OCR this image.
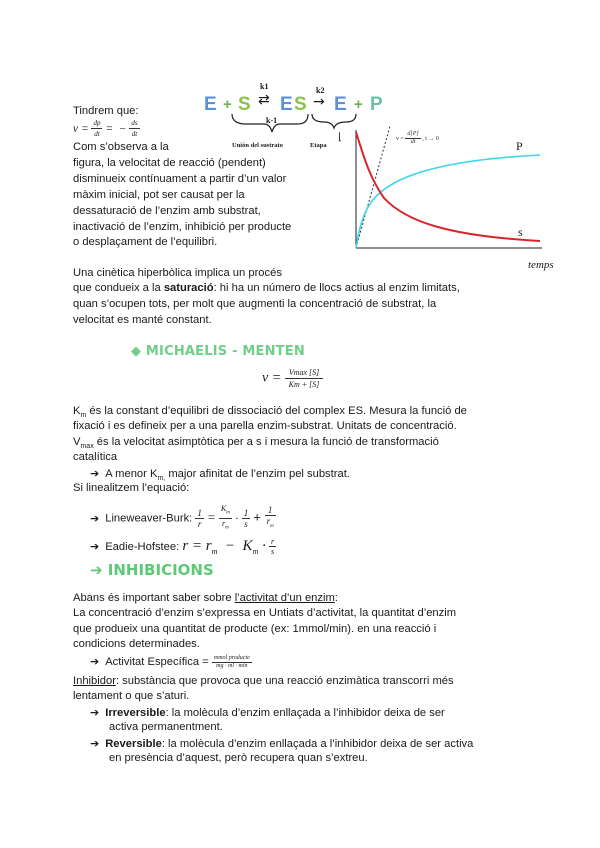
Tindrem que:
$v = \frac{dp}{dt}$ =  − $\frac{ds}{dt}$
Com s’observa a la
figura, la velocitat de reacció (pendent)
disminueix contínuament a partir d’un valor
màxim inicial, pot ser causat per la
dessaturació de l’enzim amb substrat,
inactivació de l’enzim, inhibició per producte
o desplaçament de l’equilibri.
E + S
k1
⇄ E S
k2
→ E + P
k-1
Unión del sustrato	Etapa
⌊	$v = \frac{d[P]}{dt}$ , t → 0
P
s
temps
Una cinètica hiperbòlica implica un procés
que condueix a la saturació: hi ha un número de llocs actius al enzim limitats,
quan s’ocupen tots, per molt que augmenti la concentració de substrat, la
velocitat es manté constant.
◆ MICHAELIS - MENTEN
$v = \frac{Vmax [S]}{Km + [S]}$
$K_m$ és la constant d’equilibri de dissociació del complex ES. Mesura la funció de
fixació i es defineix per a una parella enzim-substrat. Unitats de concentració.
$V_{max}$ és la velocitat asimptòtica per a s i mesura la funció de transformació
catalítica
➔ A menor $K_{m,}$ major afinitat de l’enzim pel substrat.
Si linealitzem l’equació:
➔ Lineweaver-Burk: $\frac{1}{r} = \frac{K_m}{r_m} \cdot \frac{1}{s} + \frac{1}{r_m}$
➔ Eadie-Hofstee: $r = r_m - K_m \cdot \frac{r}{s}$
➔ INHIBICIONS
Abans és important saber sobre l’activitat d’un enzim:
La concentració d’enzim s’expressa en Untiats d’activitat, la quantitat d’enzim
que produeix una quantitat de producte (ex: 1mmol/min). en una reacció i
condicions determinades.
➔ Activitat Específica = $\frac{\text{mmol producte}}{mg \cdot ml \cdot \min}$
Inhibidor: substància que provoca que una reacció enzimàtica transcorri més
lentament o que s’aturi.
➔ Irreversible: la molècula d’enzim enllaçada a l’inhibidor deixa de ser
activa permanentment.
➔ Reversible: la molècula d’enzim enllaçada a l’inhibidor deixa de ser activa
en presència d’aquest, però recupera quan s’extreu.
